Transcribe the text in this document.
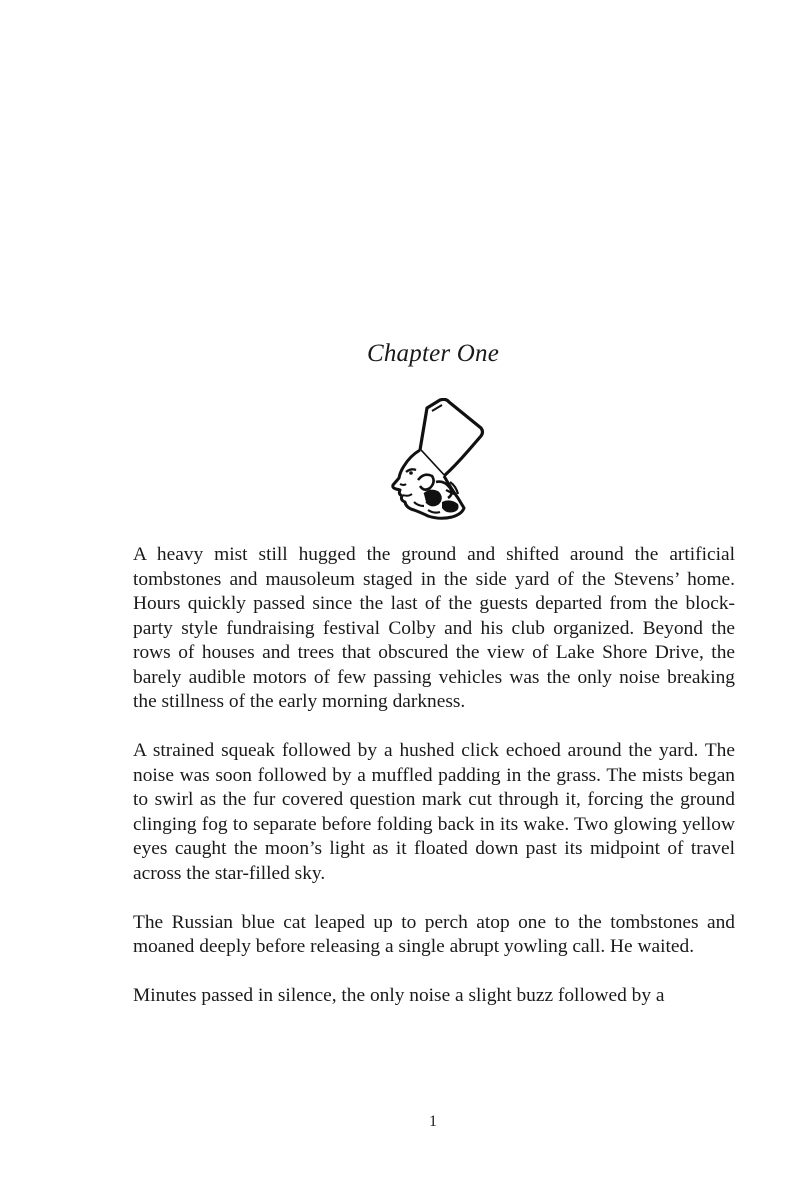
Chapter One

A heavy mist still hugged the ground and shifted around the artificial tombstones and mausoleum staged in the side yard of the Stevens’ home. Hours quickly passed since the last of the guests departed from the block-party style fundraising festival Colby and his club organized. Beyond the rows of houses and trees that obscured the view of Lake Shore Drive, the barely audible motors of few passing vehicles was the only noise breaking the stillness of the early morning darkness.

A strained squeak followed by a hushed click echoed around the yard. The noise was soon followed by a muffled padding in the grass. The mists began to swirl as the fur covered question mark cut through it, forcing the ground clinging fog to separate before folding back in its wake. Two glowing yellow eyes caught the moon’s light as it floated down past its midpoint of travel across the star-filled sky.

The Russian blue cat leaped up to perch atop one to the tombstones and moaned deeply before releasing a single abrupt yowling call. He waited.

Minutes passed in silence, the only noise a slight buzz followed by a

1
